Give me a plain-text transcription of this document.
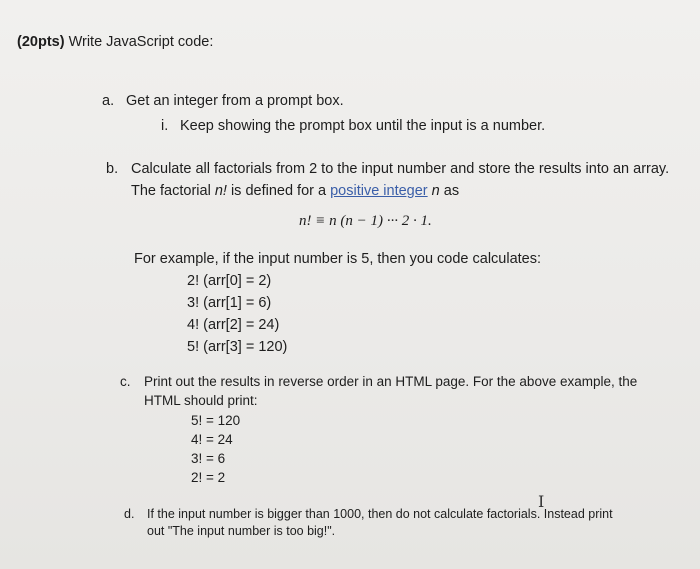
(20pts) Write JavaScript code:
a. Get an integer from a prompt box.
i. Keep showing the prompt box until the input is a number.
b. Calculate all factorials from 2 to the input number and store the results into an array.
The factorial n! is defined for a positive integer n as
n! ≡ n (n − 1) ··· 2 · 1.
For example, if the input number is 5, then you code calculates:
2! (arr[0] = 2)
3! (arr[1] = 6)
4! (arr[2] = 24)
5! (arr[3] = 120)
c. Print out the results in reverse order in an HTML page. For the above example, the
HTML should print:
5! = 120
4! = 24
3! = 6
2! = 2
d. If the input number is bigger than 1000, then do not calculate factorials. Instead print
out "The input number is too big!".
I
